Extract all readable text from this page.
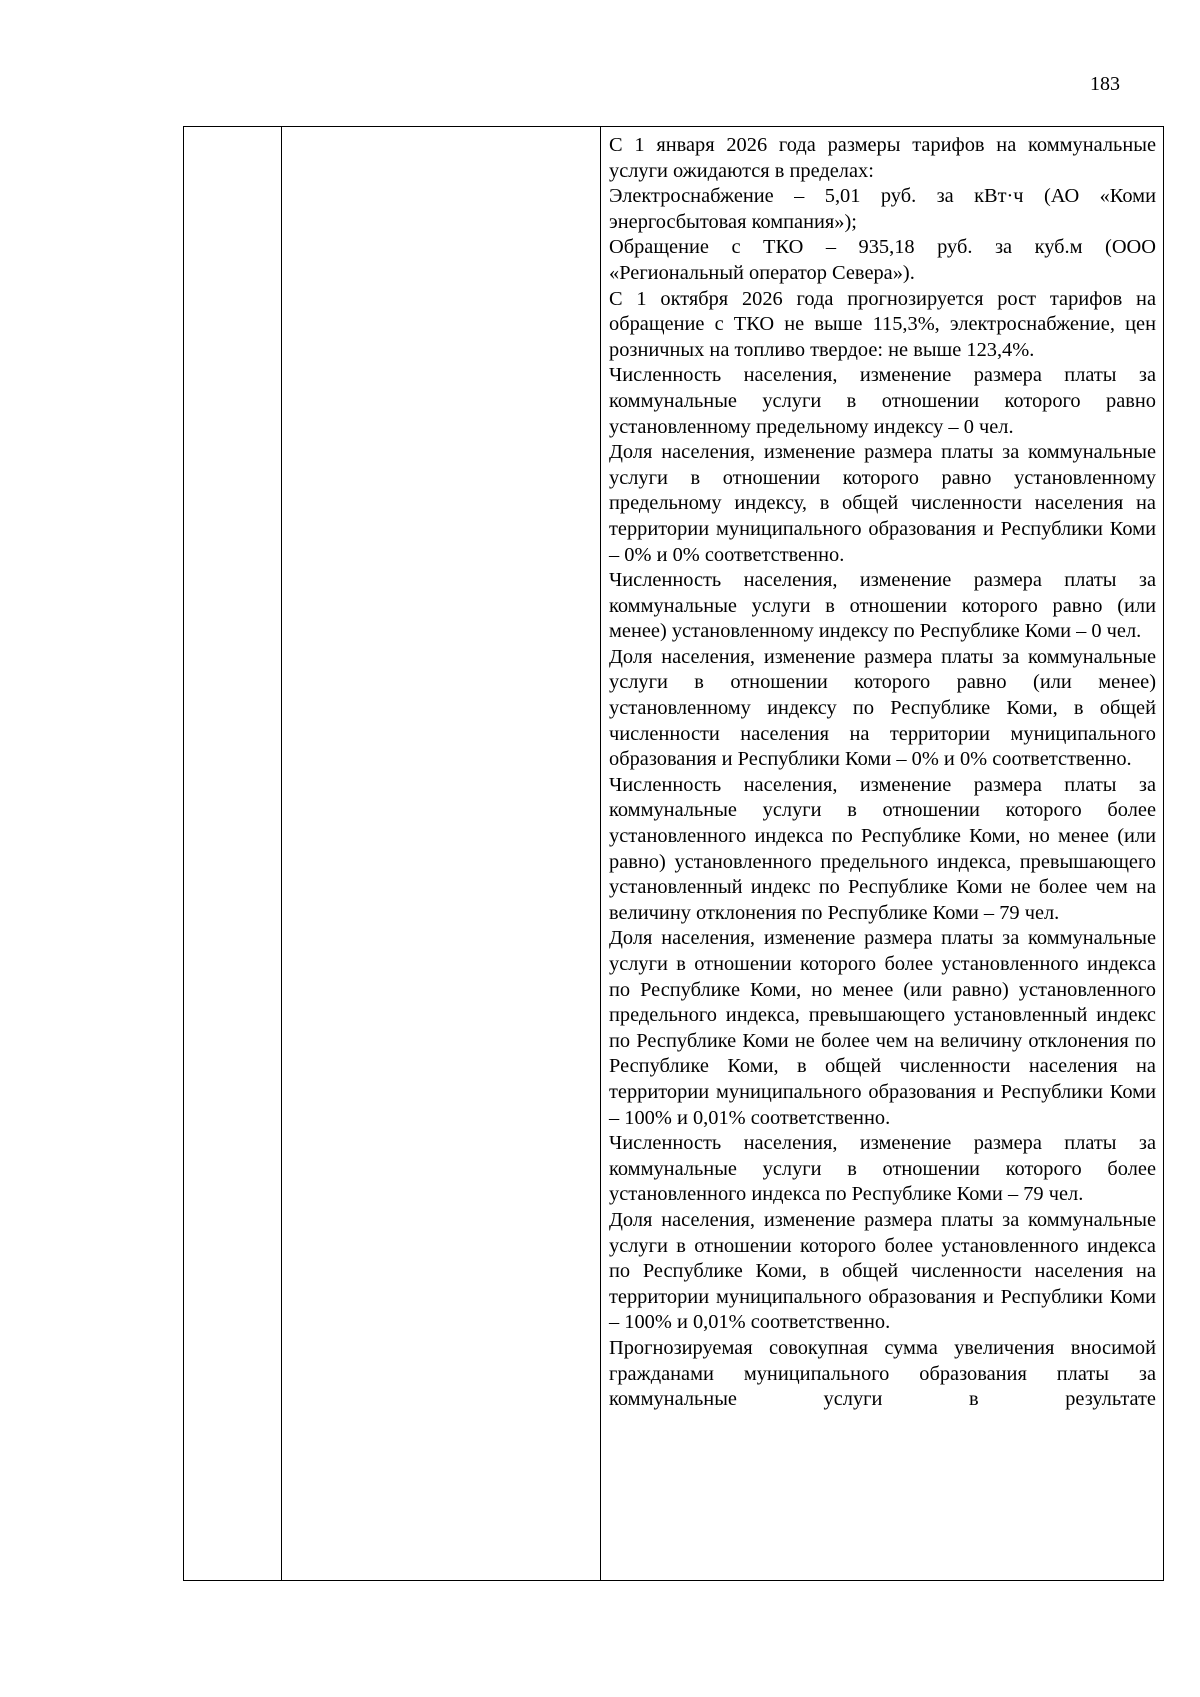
183

С 1 января 2026 года размеры тарифов на коммунальные услуги ожидаются в пределах:

Электроснабжение – 5,01 руб. за кВт·ч (АО «Коми энергосбытовая компания»);

Обращение с ТКО – 935,18 руб. за куб.м (ООО «Региональный оператор Севера»).

С 1 октября 2026 года прогнозируется рост тарифов на обращение с ТКО не выше 115,3%, электроснабжение, цен розничных на топливо твердое: не выше 123,4%.

Численность населения, изменение размера платы за коммунальные услуги в отношении которого равно установленному предельному индексу – 0 чел.

Доля населения, изменение размера платы за коммунальные услуги в отношении которого равно установленному предельному индексу, в общей численности населения на территории муниципального образования и Республики Коми – 0% и 0% соответственно.

Численность населения, изменение размера платы за коммунальные услуги в отношении которого равно (или менее) установленному индексу по Республике Коми – 0 чел.

Доля населения, изменение размера платы за коммунальные услуги в отношении которого равно (или менее) установленному индексу по Республике Коми, в общей численности населения на территории муниципального образования и Республики Коми – 0% и 0% соответственно.

Численность населения, изменение размера платы за коммунальные услуги в отношении которого более установленного индекса по Республике Коми, но менее (или равно) установленного предельного индекса, превышающего установленный индекс по Республике Коми не более чем на величину отклонения по Республике Коми – 79 чел.

Доля населения, изменение размера платы за коммунальные услуги в отношении которого более установленного индекса по Республике Коми, но менее (или равно) установленного предельного индекса, превышающего установленный индекс по Республике Коми не более чем на величину отклонения по Республике Коми, в общей численности населения на территории муниципального образования и Республики Коми – 100% и 0,01% соответственно.

Численность населения, изменение размера платы за коммунальные услуги в отношении которого более установленного индекса по Республике Коми – 79 чел.

Доля населения, изменение размера платы за коммунальные услуги в отношении которого более установленного индекса по Республике Коми, в общей численности населения на территории муниципального образования и Республики Коми – 100% и 0,01% соответственно.

Прогнозируемая совокупная сумма увеличения вносимой гражданами муниципального образования платы за коммунальные услуги в результате
